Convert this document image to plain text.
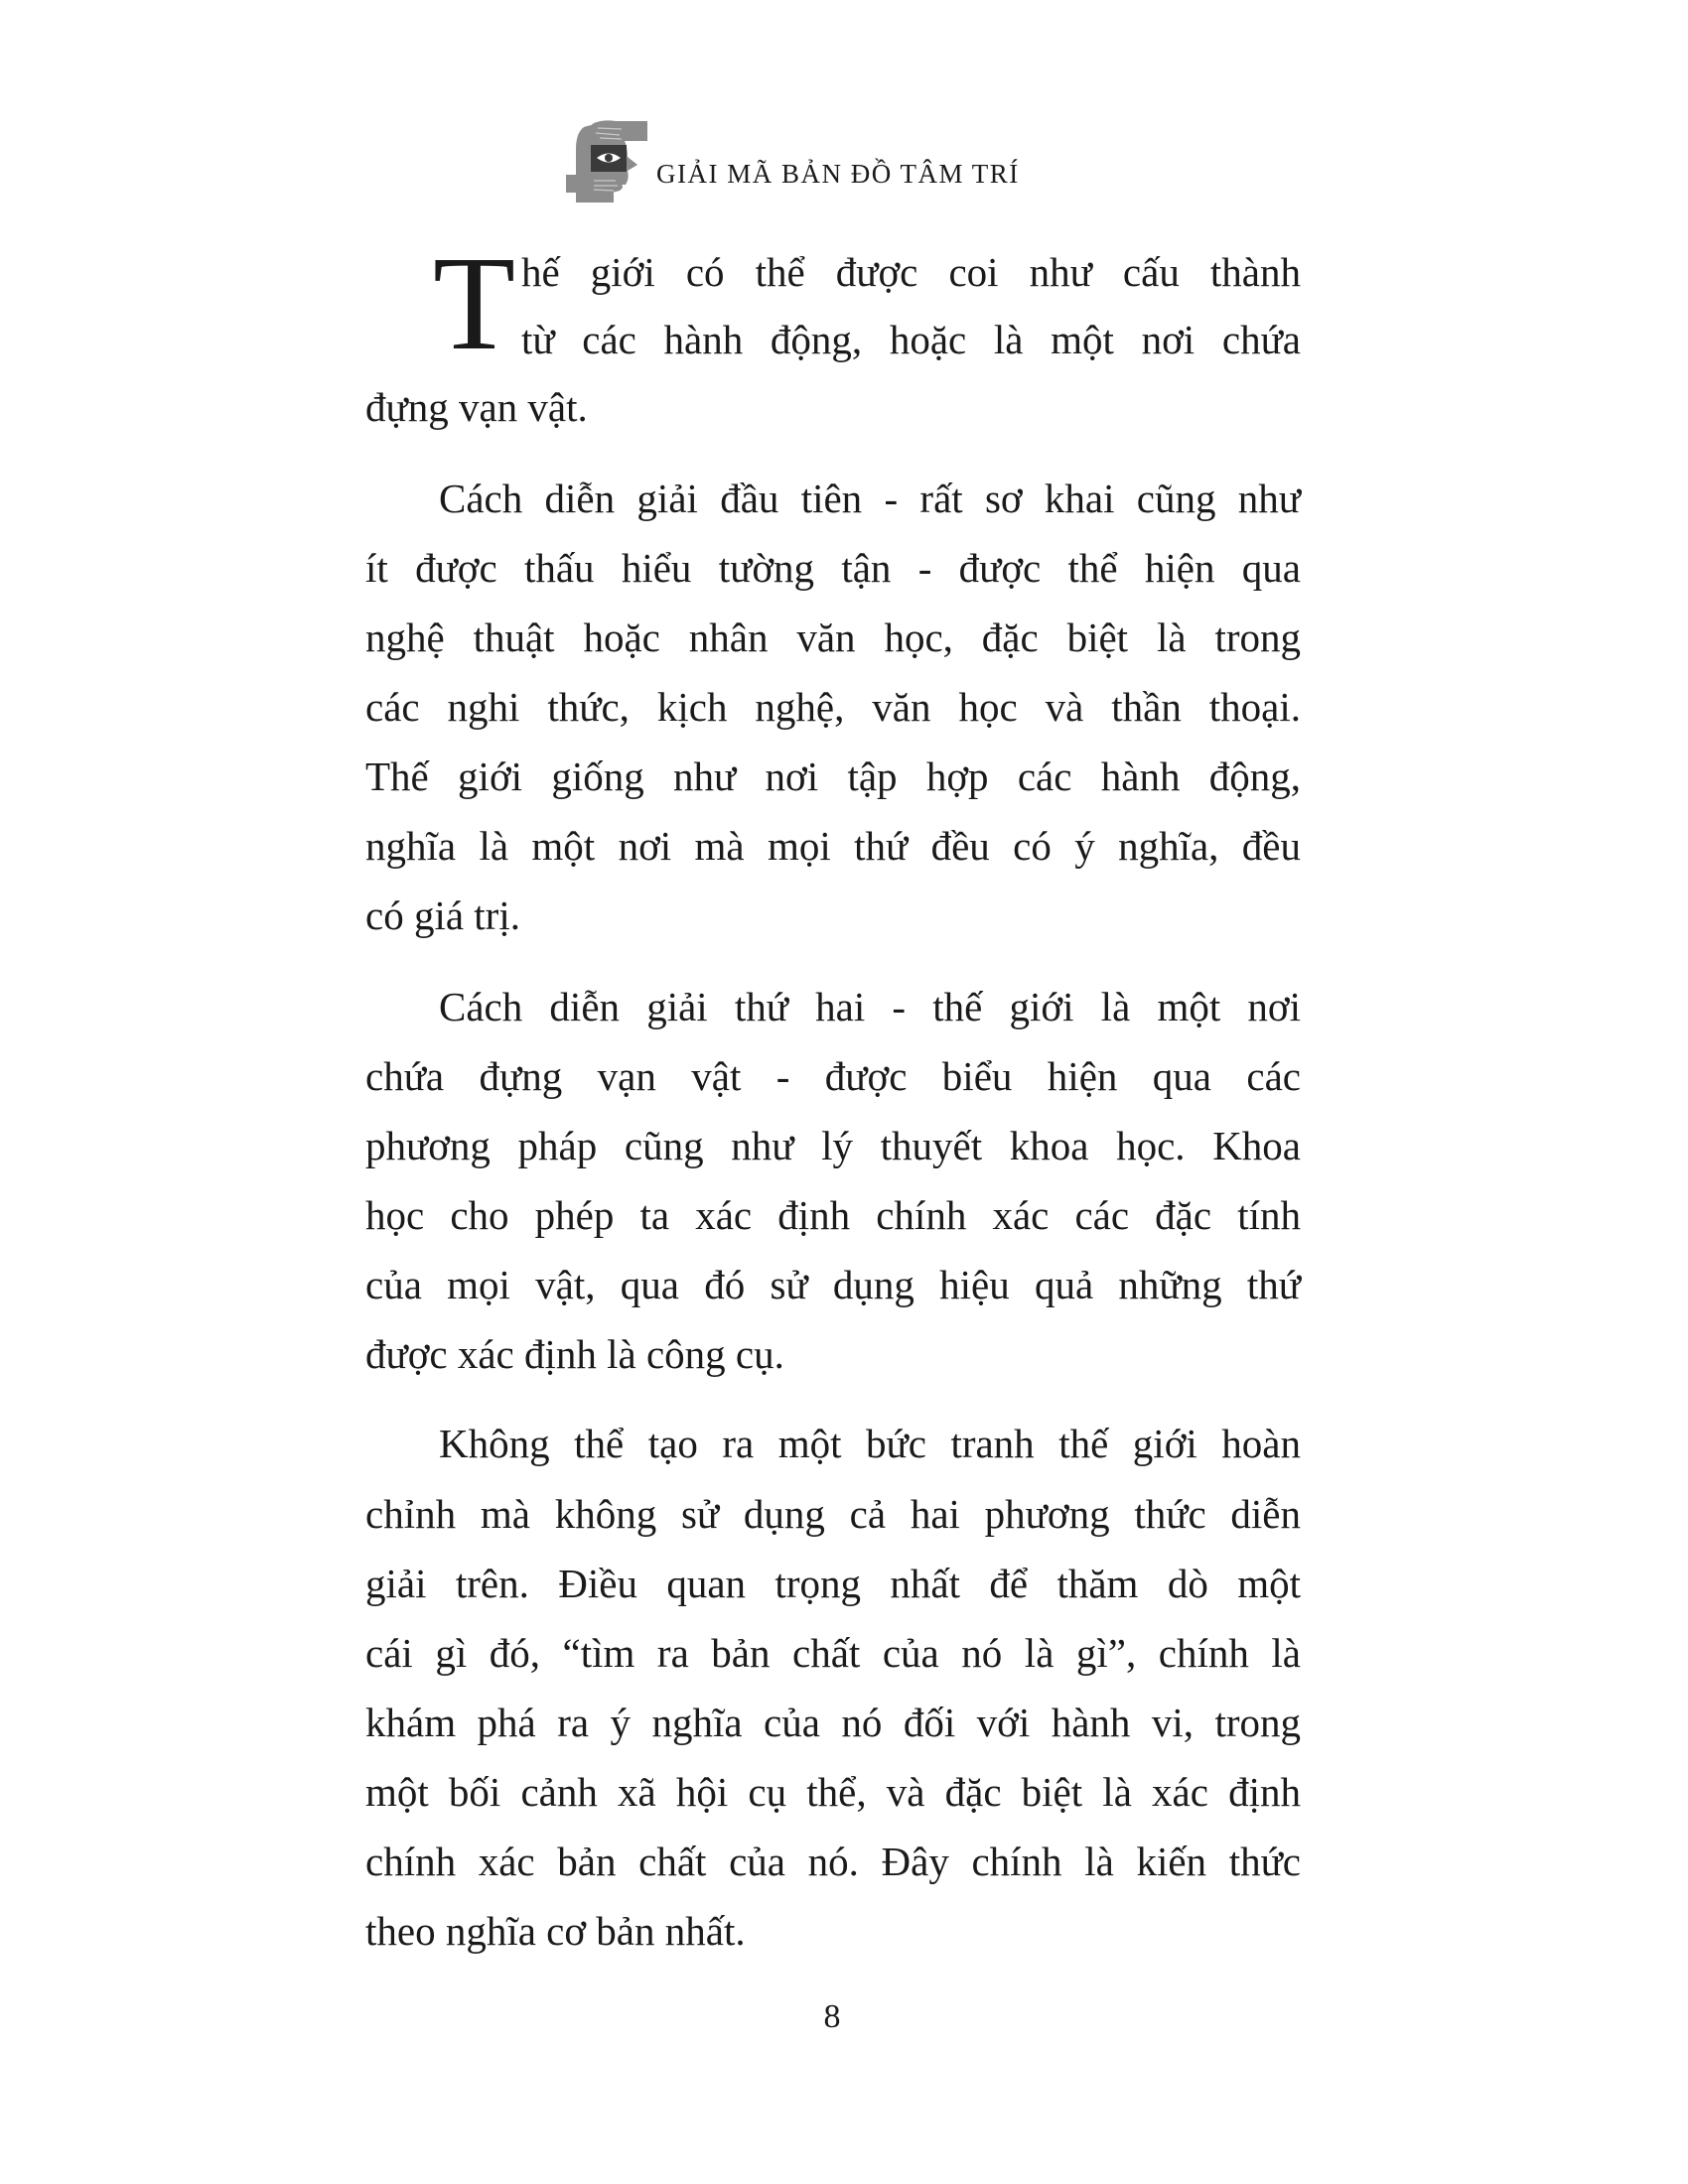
GIẢI MÃ BẢN ĐỒ TÂM TRÍ
T hế giới có thể được coi như cấu thành
từ các hành động, hoặc là một nơi chứa
đựng vạn vật.
Cách diễn giải đầu tiên - rất sơ khai cũng như
ít được thấu hiểu tường tận - được thể hiện qua
nghệ thuật hoặc nhân văn học, đặc biệt là trong
các nghi thức, kịch nghệ, văn học và thần thoại.
Thế giới giống như nơi tập hợp các hành động,
nghĩa là một nơi mà mọi thứ đều có ý nghĩa, đều
có giá trị.
Cách diễn giải thứ hai - thế giới là một nơi
chứa đựng vạn vật - được biểu hiện qua các
phương pháp cũng như lý thuyết khoa học. Khoa
học cho phép ta xác định chính xác các đặc tính
của mọi vật, qua đó sử dụng hiệu quả những thứ
được xác định là công cụ.
Không thể tạo ra một bức tranh thế giới hoàn
chỉnh mà không sử dụng cả hai phương thức diễn
giải trên. Điều quan trọng nhất để thăm dò một
cái gì đó, “tìm ra bản chất của nó là gì”, chính là
khám phá ra ý nghĩa của nó đối với hành vi, trong
một bối cảnh xã hội cụ thể, và đặc biệt là xác định
chính xác bản chất của nó. Đây chính là kiến thức
theo nghĩa cơ bản nhất.
8
